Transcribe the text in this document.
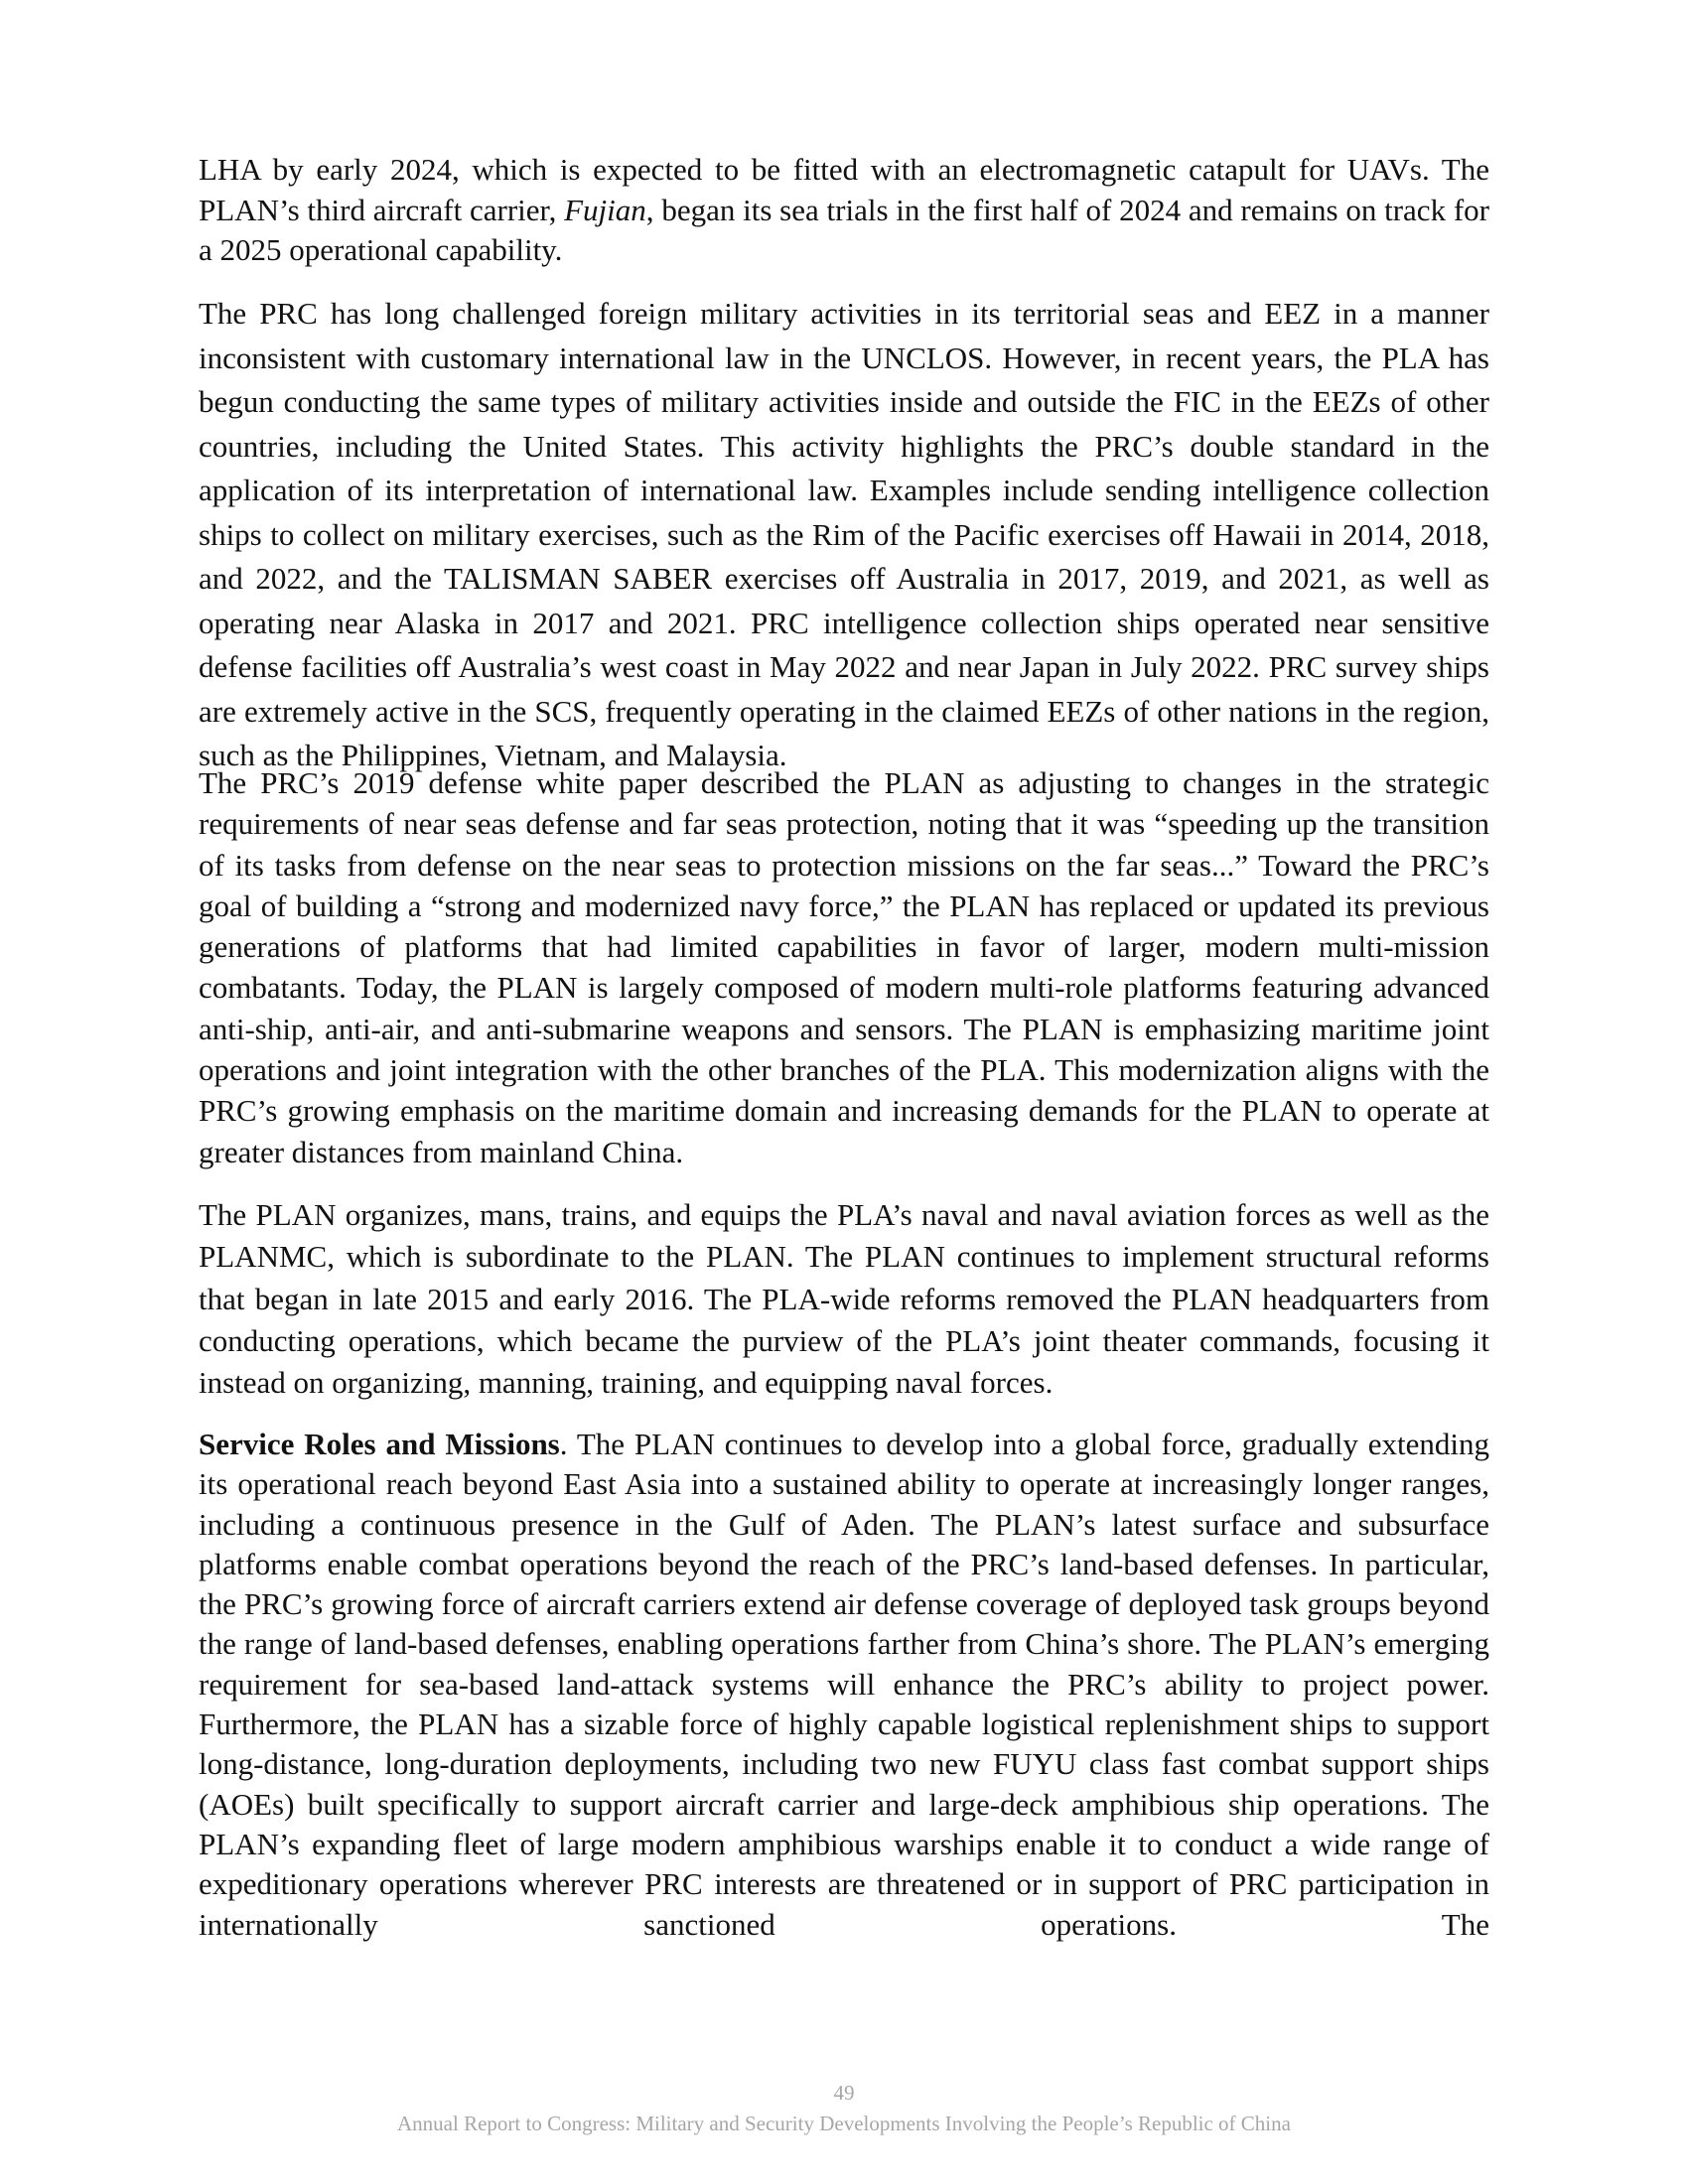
LHA by early 2024, which is expected to be fitted with an electromagnetic catapult for UAVs. The PLAN’s third aircraft carrier, Fujian, began its sea trials in the first half of 2024 and remains on track for a 2025 operational capability.

The PRC has long challenged foreign military activities in its territorial seas and EEZ in a manner inconsistent with customary international law in the UNCLOS. However, in recent years, the PLA has begun conducting the same types of military activities inside and outside the FIC in the EEZs of other countries, including the United States. This activity highlights the PRC’s double standard in the application of its interpretation of international law. Examples include sending intelligence collection ships to collect on military exercises, such as the Rim of the Pacific exercises off Hawaii in 2014, 2018, and 2022, and the TALISMAN SABER exercises off Australia in 2017, 2019, and 2021, as well as operating near Alaska in 2017 and 2021. PRC intelligence collection ships operated near sensitive defense facilities off Australia’s west coast in May 2022 and near Japan in July 2022. PRC survey ships are extremely active in the SCS, frequently operating in the claimed EEZs of other nations in the region, such as the Philippines, Vietnam, and Malaysia.

The PRC’s 2019 defense white paper described the PLAN as adjusting to changes in the strategic requirements of near seas defense and far seas protection, noting that it was “speeding up the transition of its tasks from defense on the near seas to protection missions on the far seas...” Toward the PRC’s goal of building a “strong and modernized navy force,” the PLAN has replaced or updated its previous generations of platforms that had limited capabilities in favor of larger, modern multi-mission combatants. Today, the PLAN is largely composed of modern multi-role platforms featuring advanced anti-ship, anti-air, and anti-submarine weapons and sensors. The PLAN is emphasizing maritime joint operations and joint integration with the other branches of the PLA. This modernization aligns with the PRC’s growing emphasis on the maritime domain and increasing demands for the PLAN to operate at greater distances from mainland China.

The PLAN organizes, mans, trains, and equips the PLA’s naval and naval aviation forces as well as the PLANMC, which is subordinate to the PLAN. The PLAN continues to implement structural reforms that began in late 2015 and early 2016. The PLA-wide reforms removed the PLAN headquarters from conducting operations, which became the purview of the PLA’s joint theater commands, focusing it instead on organizing, manning, training, and equipping naval forces.

Service Roles and Missions. The PLAN continues to develop into a global force, gradually extending its operational reach beyond East Asia into a sustained ability to operate at increasingly longer ranges, including a continuous presence in the Gulf of Aden. The PLAN’s latest surface and subsurface platforms enable combat operations beyond the reach of the PRC’s land-based defenses. In particular, the PRC’s growing force of aircraft carriers extend air defense coverage of deployed task groups beyond the range of land-based defenses, enabling operations farther from China’s shore. The PLAN’s emerging requirement for sea-based land-attack systems will enhance the PRC’s ability to project power. Furthermore, the PLAN has a sizable force of highly capable logistical replenishment ships to support long-distance, long-duration deployments, including two new FUYU class fast combat support ships (AOEs) built specifically to support aircraft carrier and large-deck amphibious ship operations. The PLAN’s expanding fleet of large modern amphibious warships enable it to conduct a wide range of expeditionary operations wherever PRC interests are threatened or in support of PRC participation in internationally sanctioned operations. The

49
Annual Report to Congress: Military and Security Developments Involving the People’s Republic of China
